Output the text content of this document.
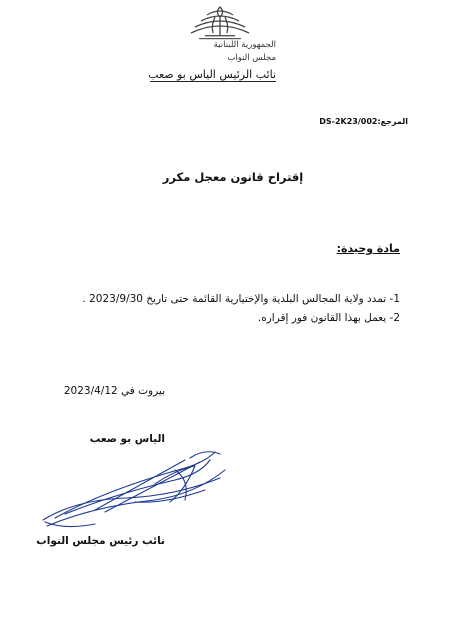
الجمهورية اللبنانية
مجلس النواب
نائب الرئيس الياس بو صعب
المرجع:DS-2K23/002
إقتراح قانون معجل مكرر
مادة وحيدة:
1- تمدد ولاية المجالس البلدية والإختيارية القائمة حتى تاريخ 2023/9/30 .
2- يعمل بهذا القانون فور إقراره.
بيروت في 2023/4/12
الياس بو صعب
نائب رئيس مجلس النواب
